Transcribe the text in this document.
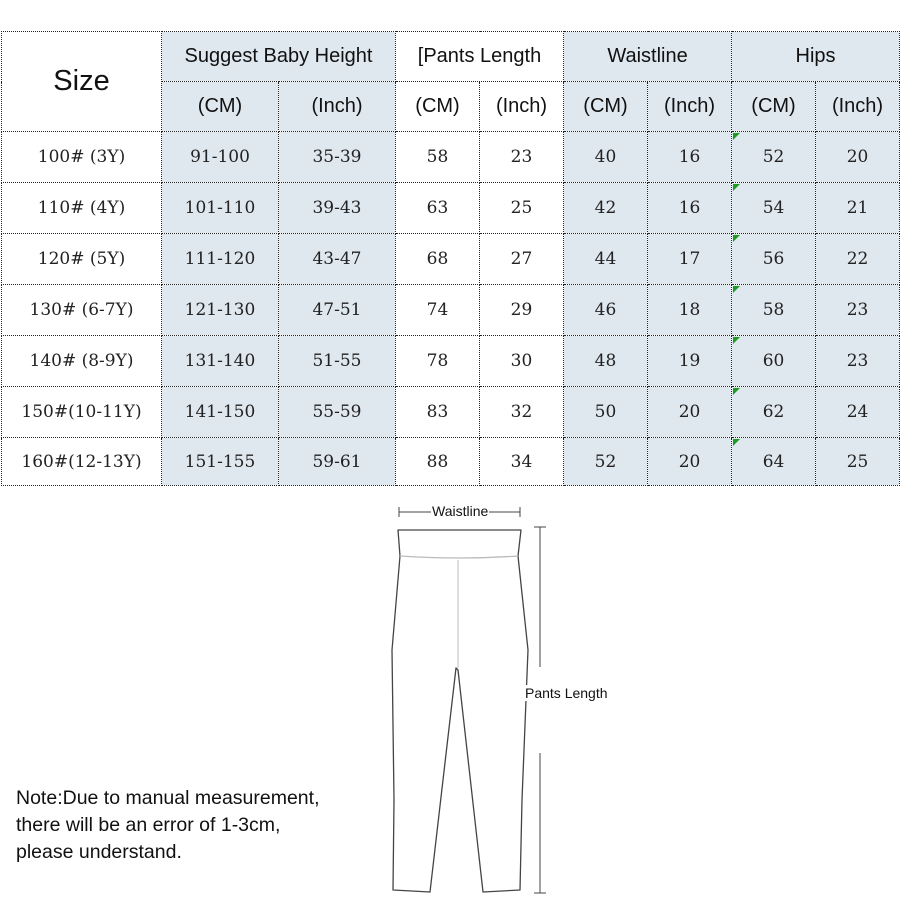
Size	Suggest Baby Height		[Pants Length		Waistline		Hips	
	(CM)	(Inch)	(CM)	(Inch)	(CM)	(Inch)	(CM)	(Inch)
100# (3Y)	91-100	35-39	58	23	40	16	52	20
110# (4Y)	101-110	39-43	63	25	42	16	54	21
120# (5Y)	111-120	43-47	68	27	44	17	56	22
130# (6-7Y)	121-130	47-51	74	29	46	18	58	23
140# (8-9Y)	131-140	51-55	78	30	48	19	60	23
150#(10-11Y)	141-150	55-59	83	32	50	20	62	24
160#(12-13Y)	151-155	59-61	88	34	52	20	64	25
Waistline
Pants Length

Note:Due to manual measurement,
there will be an error of 1-3cm,
please understand.
